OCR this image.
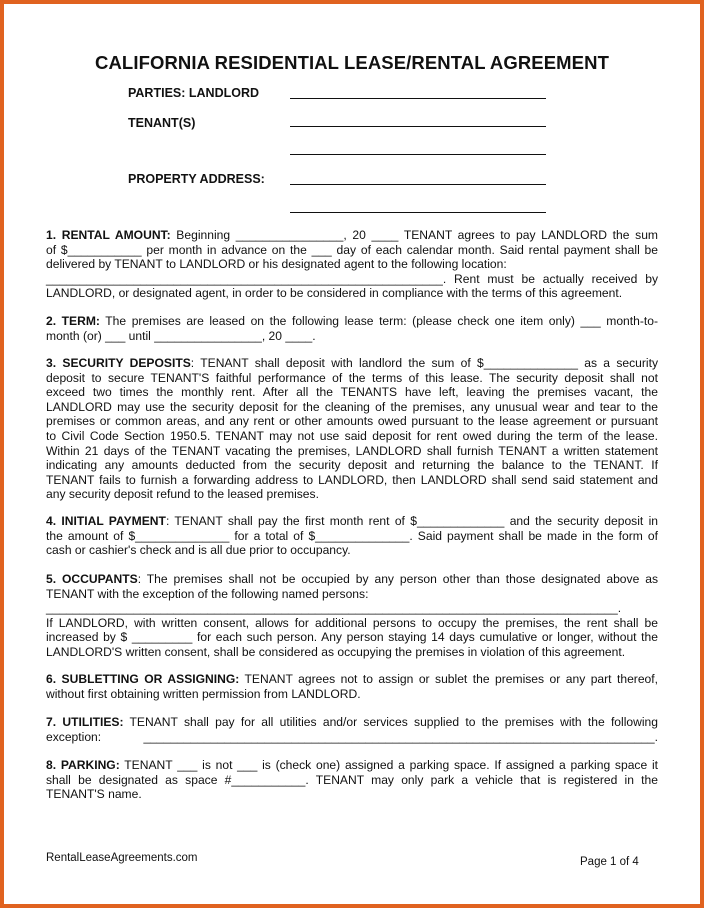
CALIFORNIA RESIDENTIAL LEASE/RENTAL AGREEMENT
PARTIES: LANDLORD
TENANT(S)
PROPERTY ADDRESS:
1. RENTAL AMOUNT: Beginning ________________, 20 ____ TENANT agrees to pay LANDLORD the sum
of $___________ per month in advance on the ___ day of each calendar month. Said rental payment shall be
delivered by TENANT to LANDLORD or his designated agent to the following location:
___________________________________________________________. Rent must be actually received by
LANDLORD, or designated agent, in order to be considered in compliance with the terms of this agreement.
2. TERM: The premises are leased on the following lease term: (please check one item only) ___ month-to-
month (or) ___ until ________________, 20 ____.
3. SECURITY DEPOSITS: TENANT shall deposit with landlord the sum of $______________ as a security
deposit to secure TENANT'S faithful performance of the terms of this lease. The security deposit shall not
exceed two times the monthly rent. After all the TENANTS have left, leaving the premises vacant, the
LANDLORD may use the security deposit for the cleaning of the premises, any unusual wear and tear to the
premises or common areas, and any rent or other amounts owed pursuant to the lease agreement or pursuant
to Civil Code Section 1950.5. TENANT may not use said deposit for rent owed during the term of the lease.
Within 21 days of the TENANT vacating the premises, LANDLORD shall furnish TENANT a written statement
indicating any amounts deducted from the security deposit and returning the balance to the TENANT. If
TENANT fails to furnish a forwarding address to LANDLORD, then LANDLORD shall send said statement and
any security deposit refund to the leased premises.
4. INITIAL PAYMENT: TENANT shall pay the first month rent of $_____________ and the security deposit in
the amount of $______________ for a total of $______________. Said payment shall be made in the form of
cash or cashier's check and is all due prior to occupancy.
5. OCCUPANTS: The premises shall not be occupied by any person other than those designated above as
TENANT with the exception of the following named persons:
_____________________________________________________________________________________.
If LANDLORD, with written consent, allows for additional persons to occupy the premises, the rent shall be
increased by $ _________ for each such person. Any person staying 14 days cumulative or longer, without the
LANDLORD'S written consent, shall be considered as occupying the premises in violation of this agreement.
6. SUBLETTING OR ASSIGNING: TENANT agrees not to assign or sublet the premises or any part thereof,
without first obtaining written permission from LANDLORD.
7. UTILITIES: TENANT shall pay for all utilities and/or services supplied to the premises with the following
exception: ____________________________________________________________________________.
8. PARKING: TENANT ___ is not ___ is (check one) assigned a parking space. If assigned a parking space it
shall be designated as space #___________. TENANT may only park a vehicle that is registered in the
TENANT'S name.
RentalLeaseAgreements.com	Page 1 of 4
